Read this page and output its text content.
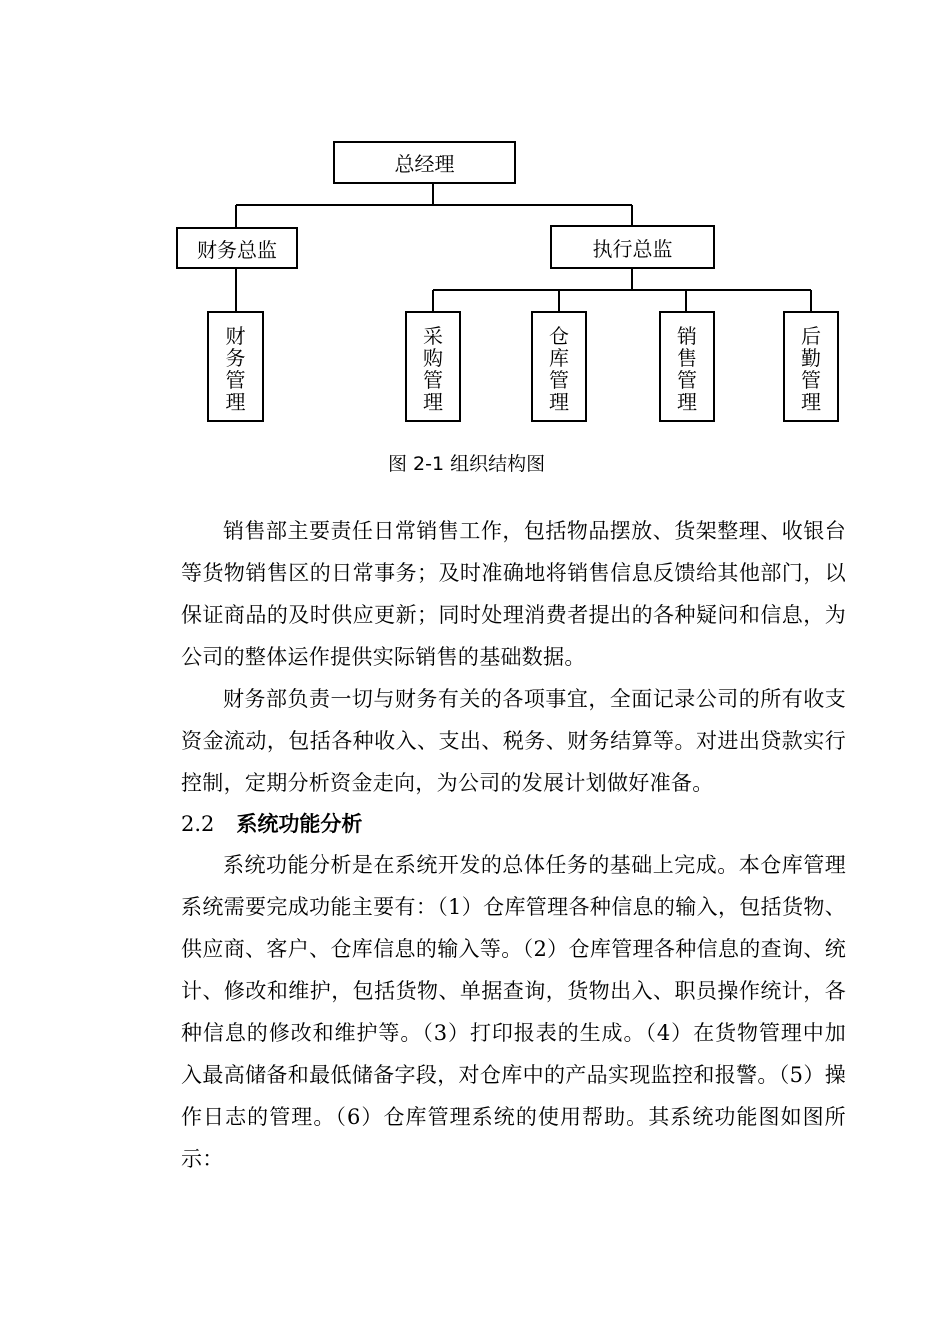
总经理
财务总监	执行总监
财务管理
采购管理
仓库管理
销售管理
后勤管理
图 2-1 组织结构图

销售部主要责任日常销售工作，包括物品摆放、货架整理、收银台等货物销售区的日常事务；及时准确地将销售信息反馈给其他部门，以保证商品的及时供应更新；同时处理消费者提出的各种疑问和信息，为公司的整体运作提供实际销售的基础数据。

财务部负责一切与财务有关的各项事宜，全面记录公司的所有收支资金流动，包括各种收入、支出、税务、财务结算等。对进出贷款实行控制，定期分析资金走向，为公司的发展计划做好准备。

2.2 系统功能分析

系统功能分析是在系统开发的总体任务的基础上完成。本仓库管理系统需要完成功能主要有：（1）仓库管理各种信息的输入，包括货物、供应商、客户、仓库信息的输入等。（2）仓库管理各种信息的查询、统计、修改和维护，包括货物、单据查询，货物出入、职员操作统计，各种信息的修改和维护等。（3）打印报表的生成。（4）在货物管理中加入最高储备和最低储备字段，对仓库中的产品实现监控和报警。（5）操作日志的管理。（6）仓库管理系统的使用帮助。其系统功能图如图所示：
